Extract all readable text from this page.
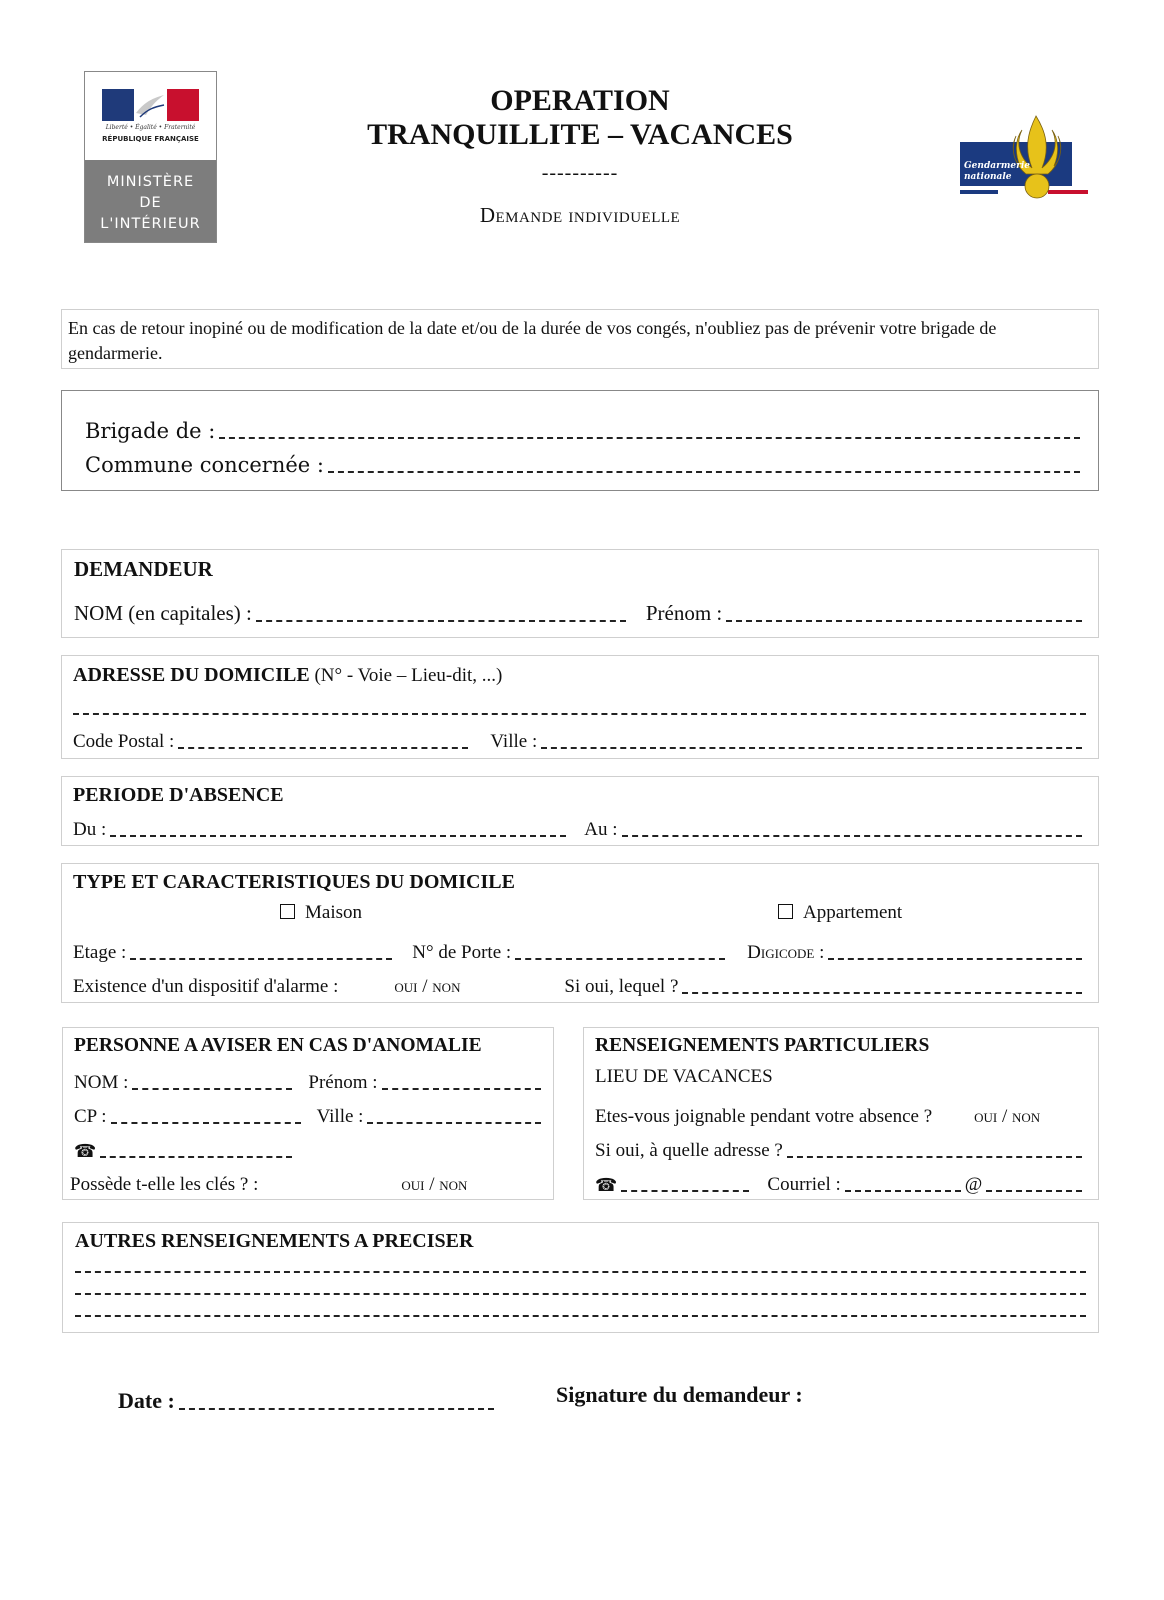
Liberté • Égalité • Fraternité
RÉPUBLIQUE FRANÇAISE
MINISTÈRE
DE
L'INTÉRIEUR
OPERATION
TRANQUILLITE – VACANCES
----------
Demande individuelle
Gendarmerie
nationale
En cas de retour inopiné ou de modification de la date et/ou de la durée de vos congés, n'oubliez pas de prévenir votre brigade de gendarmerie.
Brigade de :
Commune concernée :
DEMANDEUR
NOM (en capitales) :	Prénom :
ADRESSE DU DOMICILE (N° - Voie – Lieu-dit, ...)
Code Postal :	Ville :
PERIODE D'ABSENCE
Du :	Au :
TYPE ET CARACTERISTIQUES DU DOMICILE
Maison	Appartement
Etage :	N° de Porte :	Digicode :
Existence d'un dispositif d'alarme :	oui / non	Si oui, lequel ?
PERSONNE A AVISER EN CAS D'ANOMALIE
NOM :	Prénom :
CP :	Ville :
☎
Possède t-elle les clés ? :	oui / non
RENSEIGNEMENTS PARTICULIERS
LIEU DE VACANCES
Etes-vous joignable pendant votre absence ? oui / non
Si oui, à quelle adresse ?
☎	Courriel :	@
AUTRES RENSEIGNEMENTS A PRECISER
Date :	Signature du demandeur :
